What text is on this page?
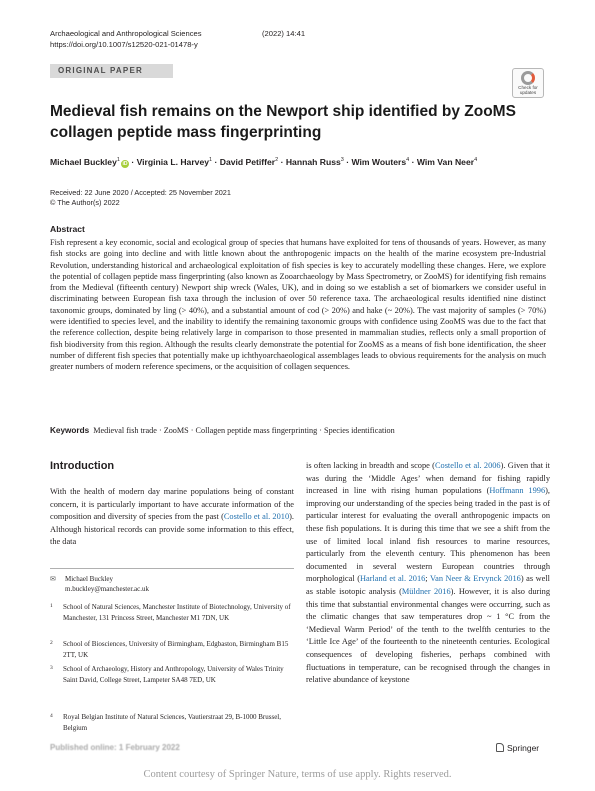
Archaeological and Anthropological Sciences	(2022) 14:41
https://doi.org/10.1007/s12520-021-01478-y
ORIGINAL PAPER
Check for
updates
Medieval fish remains on the Newport ship identified by ZooMS collagen peptide mass fingerprinting
Michael Buckley$^1$iD · Virginia L. Harvey$^1$ · David Petiffer$^2$ · Hannah Russ$^3$ · Wim Wouters$^4$ · Wim Van Neer$^4$
Received: 22 June 2020 / Accepted: 25 November 2021
© The Author(s) 2022
Abstract

Fish represent a key economic, social and ecological group of species that humans have exploited for tens of thousands of years. However, as many fish stocks are going into decline and with little known about the anthropogenic impacts on the health of the marine ecosystem pre-Industrial Revolution, understanding historical and archaeological exploitation of fish species is key to accurately modelling these changes. Here, we explore the potential of collagen peptide mass fingerprinting (also known as Zooarchaeology by Mass Spectrometry, or ZooMS) for identifying fish remains from the Medieval (fifteenth century) Newport ship wreck (Wales, UK), and in doing so we establish a set of biomarkers we consider useful in discriminating between European fish taxa through the inclusion of over 50 reference taxa. The archaeological results identified nine distinct taxonomic groups, dominated by ling (> 40%), and a substantial amount of cod (> 20%) and hake (~ 20%). The vast majority of samples (> 70%) were identified to species level, and the inability to identify the remaining taxonomic groups with confidence using ZooMS was due to the fact that the reference collection, despite being relatively large in comparison to those presented in mammalian studies, reflects only a small proportion of fish biodiversity from this region. Although the results clearly demonstrate the potential for ZooMS as a means of fish bone identification, the sheer number of different fish species that potentially make up ichthyoarchaeological assemblages leads to obvious requirements for the analysis on much greater numbers of modern reference specimens, or the acquisition of collagen sequences.

Keywords Medieval fish trade · ZooMS · Collagen peptide mass fingerprinting · Species identification
Introduction

With the health of modern day marine populations being of constant concern, it is particularly important to have accurate information of the composition and diversity of species from the past (Costello et al. 2010). Although historical records can provide some information to this effect, the data

is often lacking in breadth and scope (Costello et al. 2006). Given that it was during the ‘Middle Ages’ when demand for fishing rapidly increased in line with rising human populations (Hoffmann 1996), improving our understanding of the species being traded in the past is of particular interest for evaluating the overall anthropogenic impacts on these fish populations. It is during this time that we see a shift from the use of limited local inland fish resources to marine resources, particularly from the eleventh century. This phenomenon has been documented in several western European countries through morphological (Harland et al. 2016; Van Neer & Ervynck 2016) as well as stable isotopic analysis (Müldner 2016). However, it is also during this time that substantial environmental changes were occurring, such as the climatic changes that saw temperatures drop ~ 1 °C from the ‘Medieval Warm Period’ of the tenth to the twelfth centuries to the ‘Little Ice Age’ of the fourteenth to the nineteenth centuries. Ecological consequences of developing fisheries, perhaps combined with fluctuations in temperature, can be recognised through the changes in relative abundance of keystone

✉ Michael Buckley
m.buckley@manchester.ac.uk
1 School of Natural Sciences, Manchester Institute of Biotechnology, University of Manchester, 131 Princess Street, Manchester M1 7DN, UK
2 School of Biosciences, University of Birmingham, Edgbaston, Birmingham B15 2TT, UK
3 School of Archaeology, History and Anthropology, University of Wales Trinity Saint David, College Street, Lampeter SA48 7ED, UK
4 Royal Belgian Institute of Natural Sciences, Vautierstraat 29, B-1000 Brussel, Belgium
Published online: 1 February 2022	Springer
Content courtesy of Springer Nature, terms of use apply. Rights reserved.
